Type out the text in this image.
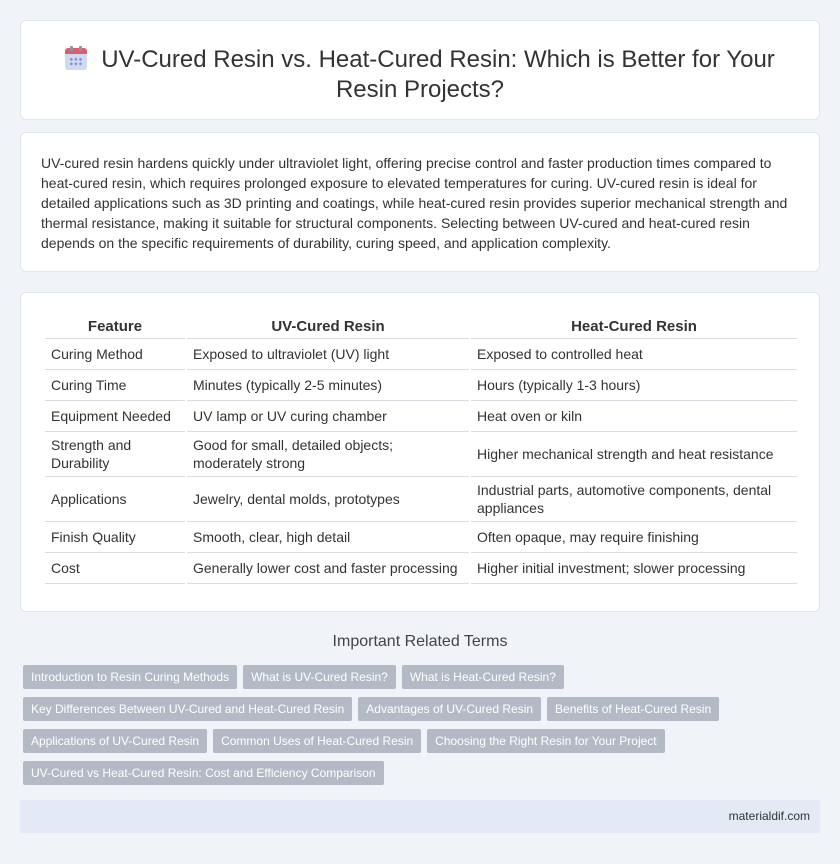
UV-Cured Resin vs. Heat-Cured Resin: Which is Better for Your Resin Projects?

UV-cured resin hardens quickly under ultraviolet light, offering precise control and faster production times compared to heat-cured resin, which requires prolonged exposure to elevated temperatures for curing. UV-cured resin is ideal for detailed applications such as 3D printing and coatings, while heat-cured resin provides superior mechanical strength and thermal resistance, making it suitable for structural components. Selecting between UV-cured and heat-cured resin depends on the specific requirements of durability, curing speed, and application complexity.

Feature	UV-Cured Resin	Heat-Cured Resin
Curing Method	Exposed to ultraviolet (UV) light	Exposed to controlled heat
Curing Time	Minutes (typically 2-5 minutes)	Hours (typically 1-3 hours)
Equipment Needed	UV lamp or UV curing chamber	Heat oven or kiln
Strength and Durability	Good for small, detailed objects; moderately strong	Higher mechanical strength and heat resistance
Applications	Jewelry, dental molds, prototypes	Industrial parts, automotive components, dental appliances
Finish Quality	Smooth, clear, high detail	Often opaque, may require finishing
Cost	Generally lower cost and faster processing	Higher initial investment; slower processing
Important Related Terms
Introduction to Resin Curing Methods What is UV-Cured Resin? What is Heat-Cured Resin?
Key Differences Between UV-Cured and Heat-Cured Resin Advantages of UV-Cured Resin Benefits of Heat-Cured Resin
Applications of UV-Cured Resin Common Uses of Heat-Cured Resin Choosing the Right Resin for Your Project
UV-Cured vs Heat-Cured Resin: Cost and Efficiency Comparison
materialdif.com
